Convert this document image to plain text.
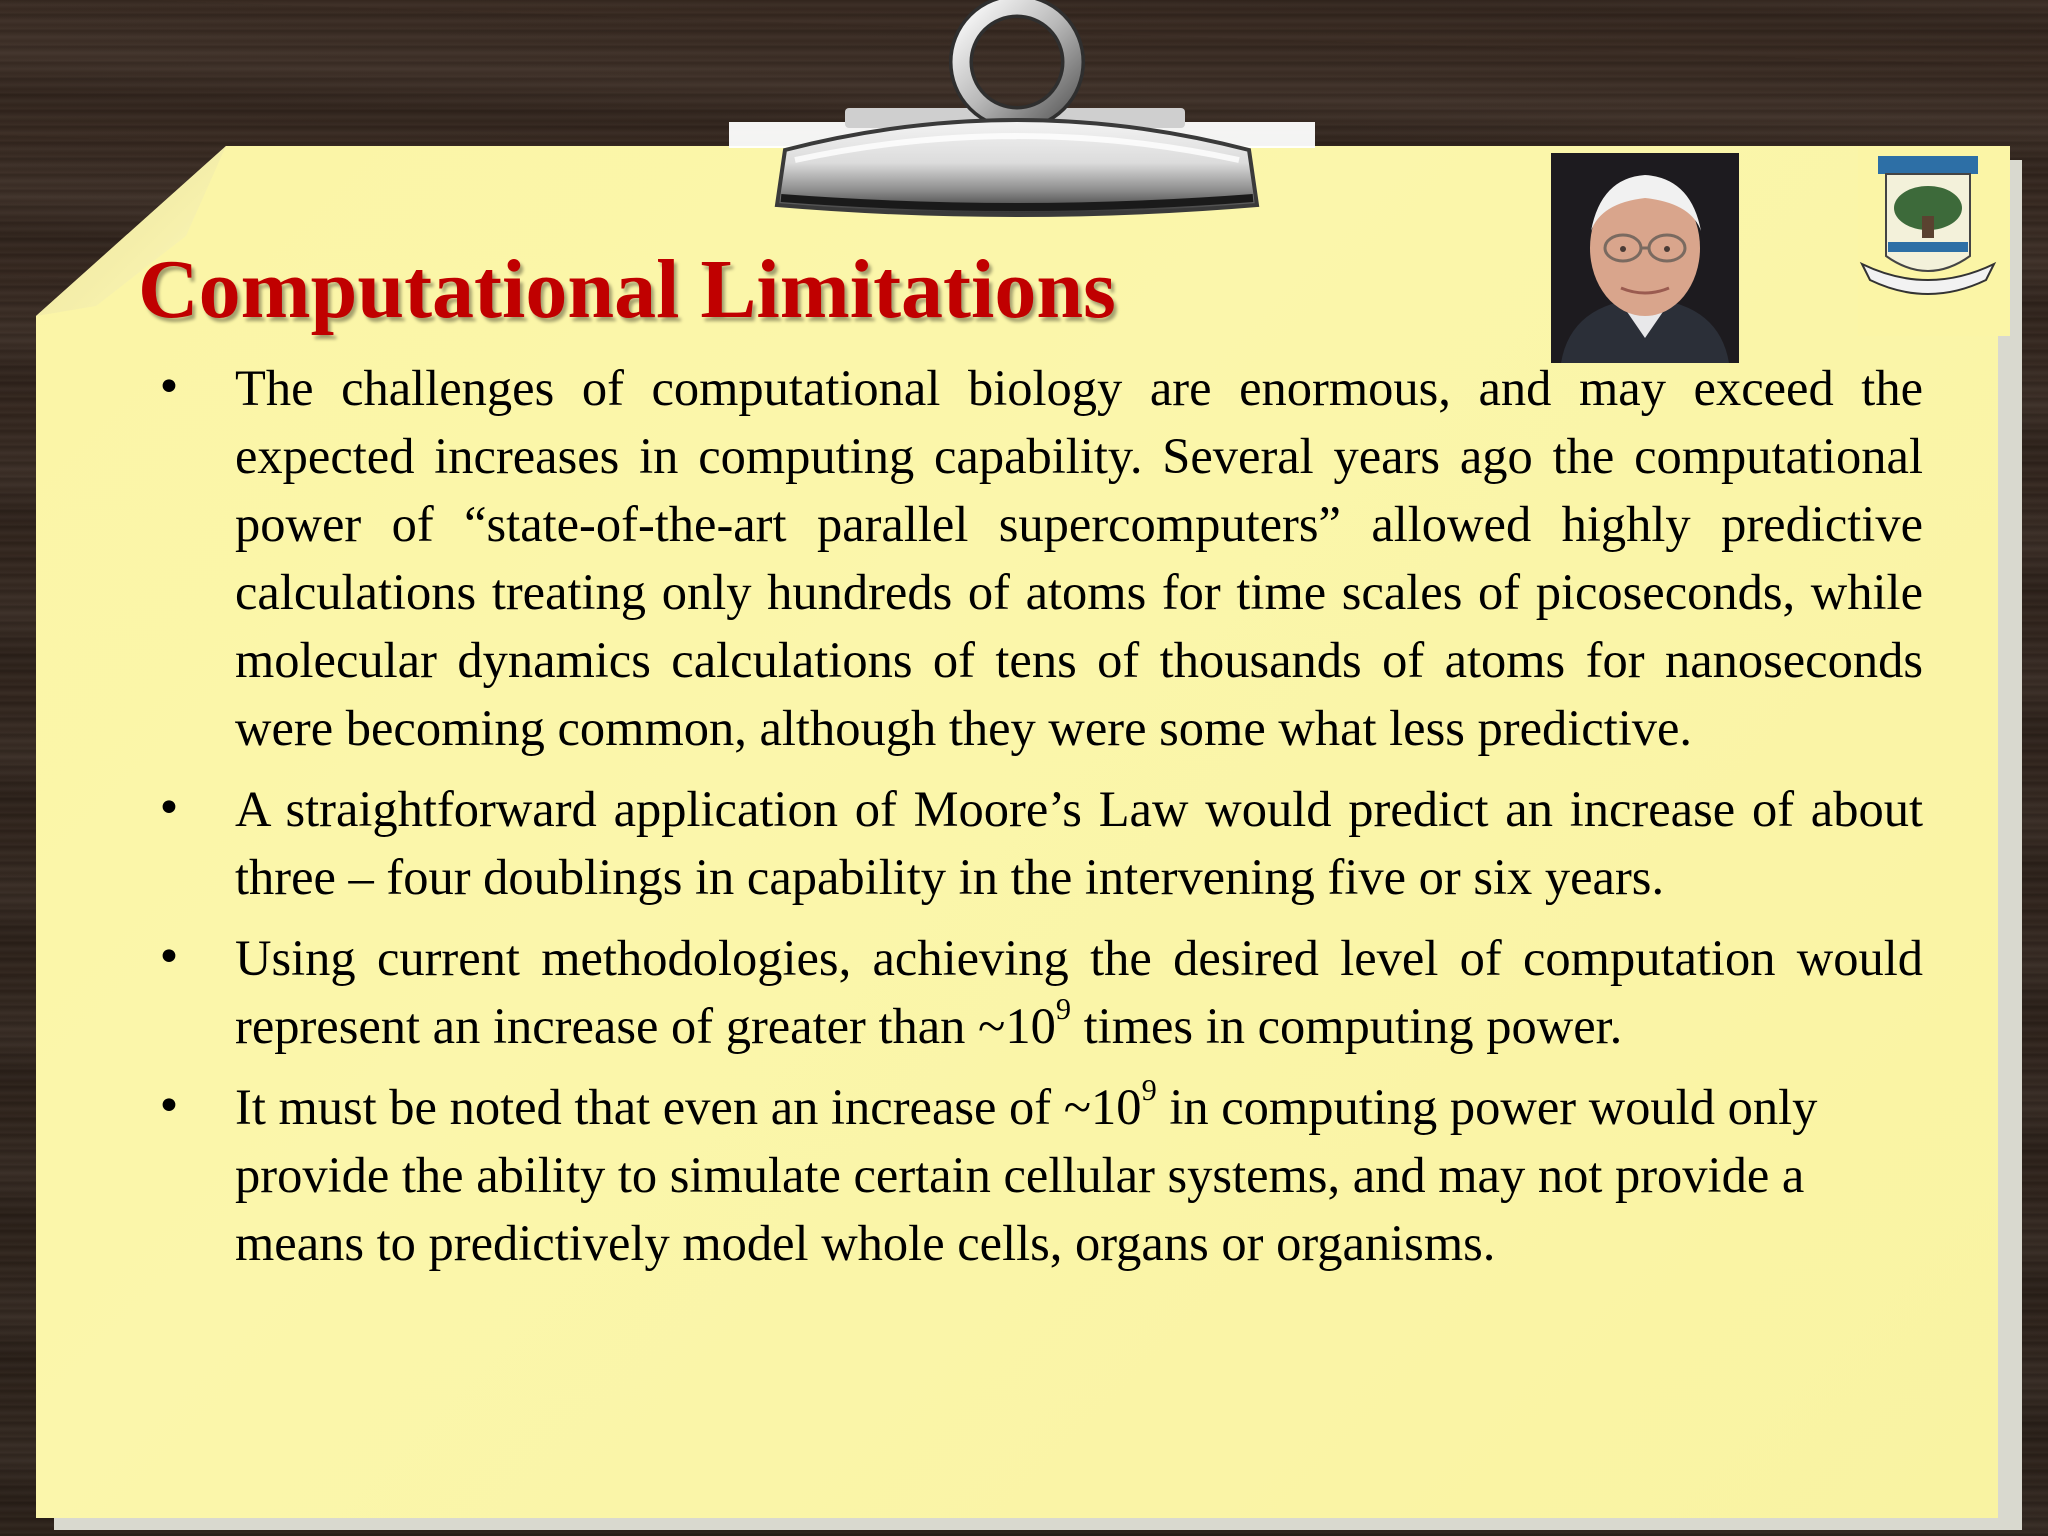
Computational Limitations
• The challenges of computational biology are enormous, and may exceed the expected increases in computing capability. Several years ago the computational power of “state-of-the-art parallel supercomputers” allowed highly predictive calculations treating only hundreds of atoms for time scales of picoseconds, while molecular dynamics calculations of tens of thousands of atoms for nanoseconds were becoming common, although they were some what less predictive.
• A straightforward application of Moore’s Law would predict an increase of about three – four doublings in capability in the intervening five or six years.
• Using current methodologies, achieving the desired level of computation would represent an increase of greater than $\sim 10^9$ times in computing power.
• It must be noted that even an increase of $\sim 10^9$ in computing power would only provide the ability to simulate certain cellular systems, and may not provide a means to predictively model whole cells, organs or organisms.
